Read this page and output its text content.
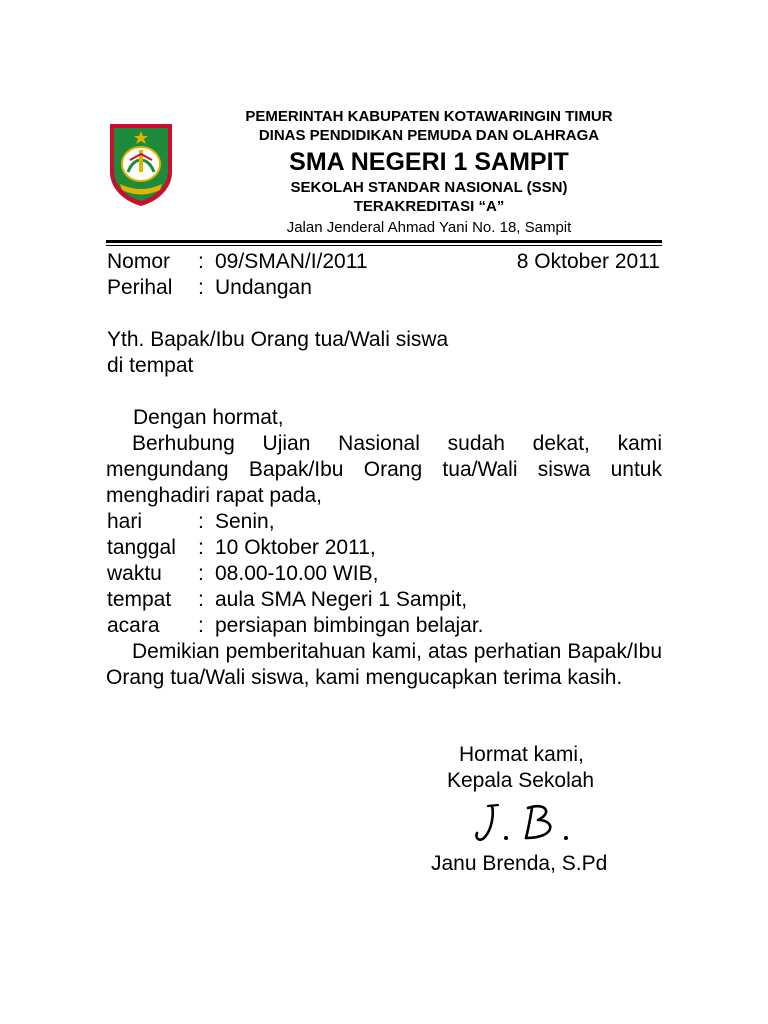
PEMERINTAH KABUPATEN KOTAWARINGIN TIMUR
DINAS PENDIDIKAN PEMUDA DAN OLAHRAGA
SMA NEGERI 1 SAMPIT
SEKOLAH STANDAR NASIONAL (SSN)
TERAKREDITASI “A”
Jalan Jenderal Ahmad Yani No. 18, Sampit
Nomor : 09/SMAN/I/2011	8 Oktober 2011
Perihal : Undangan
Yth. Bapak/Ibu Orang tua/Wali siswa
di tempat
Dengan hormat,
Berhubung Ujian Nasional sudah dekat, kami mengundang Bapak/Ibu Orang tua/Wali siswa untuk menghadiri rapat pada,
hari	: Senin,
tanggal : 10 Oktober 2011,
waktu : 08.00-10.00 WIB,
tempat : aula SMA Negeri 1 Sampit,
acara : persiapan bimbingan belajar.
Demikian pemberitahuan kami, atas perhatian Bapak/Ibu Orang tua/Wali siswa, kami mengucapkan terima kasih.
Hormat kami,
Kepala Sekolah
Janu Brenda, S.Pd
